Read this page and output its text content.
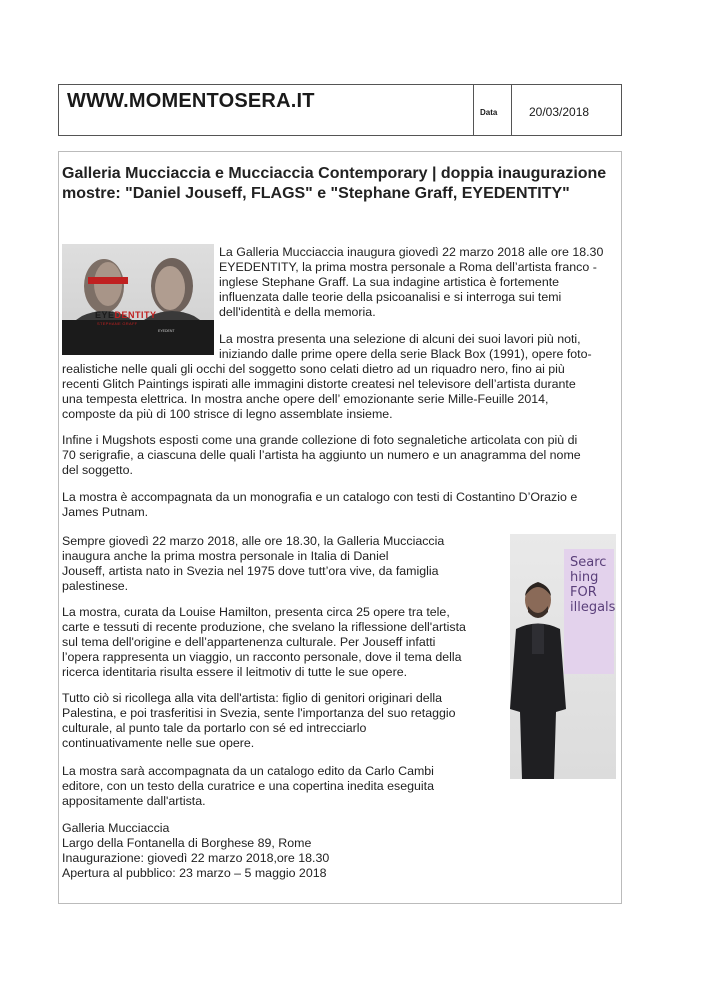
WWW.MOMENTOSERA.IT
Data	20/03/2018
Galleria Mucciaccia e Mucciaccia Contemporary | doppia inaugurazione mostre: "Daniel Jouseff, FLAGS" e "Stephane Graff, EYEDENTITY"
EYEDENTITY
STEPHANE GRAFF
EYEDENT
La Galleria Mucciaccia inaugura giovedì 22 marzo 2018 alle ore 18.30
EYEDENTITY, la prima mostra personale a Roma dell’artista franco -
inglese Stephane Graff. La sua indagine artistica è fortemente
influenzata dalle teorie della psicoanalisi e si interroga sui temi
dell'identità e della memoria.
La mostra presenta una selezione di alcuni dei suoi lavori più noti,
iniziando dalle prime opere della serie Black Box (1991), opere foto-
realistiche nelle quali gli occhi del soggetto sono celati dietro ad un riquadro nero, fino ai più
recenti Glitch Paintings ispirati alle immagini distorte createsi nel televisore dell’artista durante
una tempesta elettrica. In mostra anche opere dell’ emozionante serie Mille-Feuille 2014,
composte da più di 100 strisce di legno assemblate insieme.
Infine i Mugshots esposti come una grande collezione di foto segnaletiche articolata con più di
70 serigrafie, a ciascuna delle quali l’artista ha aggiunto un numero e un anagramma del nome
del soggetto.
La mostra è accompagnata da un monografia e un catalogo con testi di Costantino D’Orazio e
James Putnam.
Sempre giovedì 22 marzo 2018, alle ore 18.30, la Galleria Mucciaccia
inaugura anche la prima mostra personale in Italia di Daniel
Jouseff, artista nato in Svezia nel 1975 dove tutt’ora vive, da famiglia
palestinese.
La mostra, curata da Louise Hamilton, presenta circa 25 opere tra tele,
carte e tessuti di recente produzione, che svelano la riflessione dell'artista
sul tema dell'origine e dell’appartenenza culturale. Per Jouseff infatti
l’opera rappresenta un viaggio, un racconto personale, dove il tema della
ricerca identitaria risulta essere il leitmotiv di tutte le sue opere.
Tutto ciò si ricollega alla vita dell'artista: figlio di genitori originari della
Palestina, e poi trasferitisi in Svezia, sente l'importanza del suo retaggio
culturale, al punto tale da portarlo con sé ed intrecciarlo
continuativamente nelle sue opere.
La mostra sarà accompagnata da un catalogo edito da Carlo Cambi
editore, con un testo della curatrice e una copertina inedita eseguita
appositamente dall'artista.
Galleria Mucciaccia
Largo della Fontanella di Borghese 89, Rome
Inaugurazione: giovedì 22 marzo 2018,ore 18.30
Apertura al pubblico: 23 marzo – 5 maggio 2018
Searc
hing
FOR
illegals
